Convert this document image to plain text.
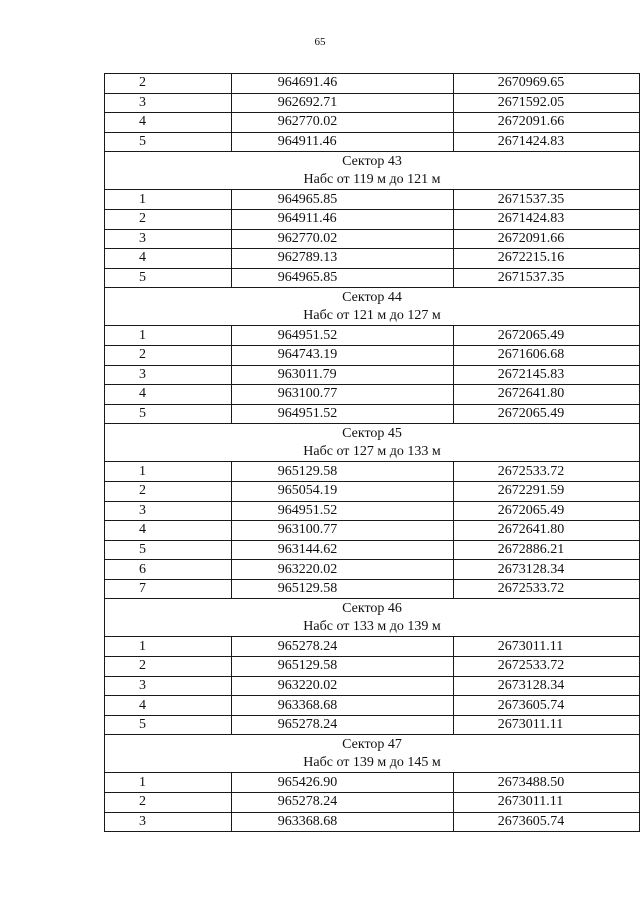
65
2	964691.46	2670969.65
3	962692.71	2671592.05
4	962770.02	2672091.66
5	964911.46	2671424.83

Сектор 43
Набс от 119 м до 121 м		

1	964965.85	2671537.35
2	964911.46	2671424.83
3	962770.02	2672091.66
4	962789.13	2672215.16
5	964965.85	2671537.35

Сектор 44
Набс от 121 м до 127 м		

1	964951.52	2672065.49
2	964743.19	2671606.68
3	963011.79	2672145.83
4	963100.77	2672641.80
5	964951.52	2672065.49

Сектор 45
Набс от 127 м до 133 м		

1	965129.58	2672533.72
2	965054.19	2672291.59
3	964951.52	2672065.49
4	963100.77	2672641.80
5	963144.62	2672886.21
6	963220.02	2673128.34
7	965129.58	2672533.72

Сектор 46
Набс от 133 м до 139 м		

1	965278.24	2673011.11
2	965129.58	2672533.72
3	963220.02	2673128.34
4	963368.68	2673605.74
5	965278.24	2673011.11

Сектор 47
Набс от 139 м до 145 м		

1	965426.90	2673488.50
2	965278.24	2673011.11
3	963368.68	2673605.74
